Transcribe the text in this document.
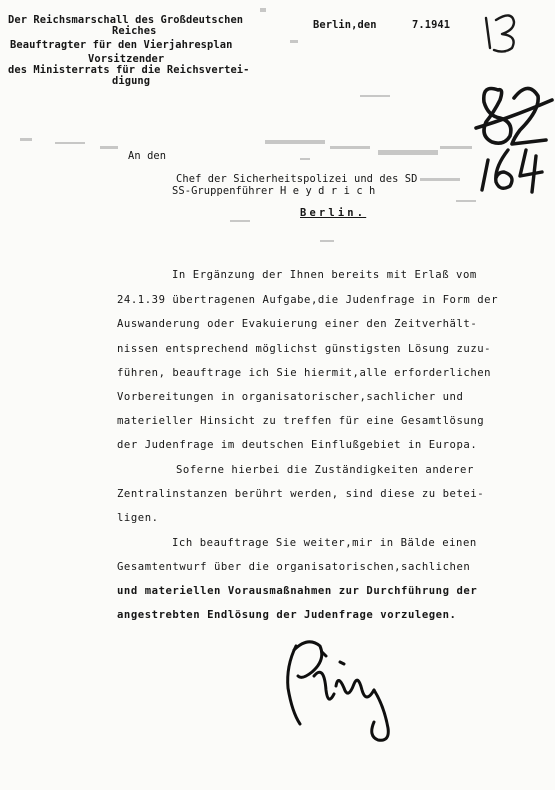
Der Reichsmarschall des Großdeutschen
Reiches
Beauftragter für den Vierjahresplan
Vorsitzender
des Ministerrats für die Reichsvertei-
digung
Berlin,den	7.1941
An den
Chef der Sicherheitspolizei und des SD
SS-Gruppenführer H e y d r i c h
Berlin.
In Ergänzung der Ihnen bereits mit Erlaß vom
24.1.39 übertragenen Aufgabe,die Judenfrage in Form der
Auswanderung oder Evakuierung einer den Zeitverhält-
nissen entsprechend möglichst günstigsten Lösung zuzu-
führen, beauftrage ich Sie hiermit,alle erforderlichen
Vorbereitungen in organisatorischer,sachlicher und
materieller Hinsicht zu treffen für eine Gesamtlösung
der Judenfrage im deutschen Einflußgebiet in Europa.
Soferne hierbei die Zuständigkeiten anderer
Zentralinstanzen berührt werden, sind diese zu betei-
ligen.
Ich beauftrage Sie weiter,mir in Bälde einen
Gesamtentwurf über die organisatorischen,sachlichen
und materiellen Vorausmaßnahmen zur Durchführung der
angestrebten Endlösung der Judenfrage vorzulegen.
13
